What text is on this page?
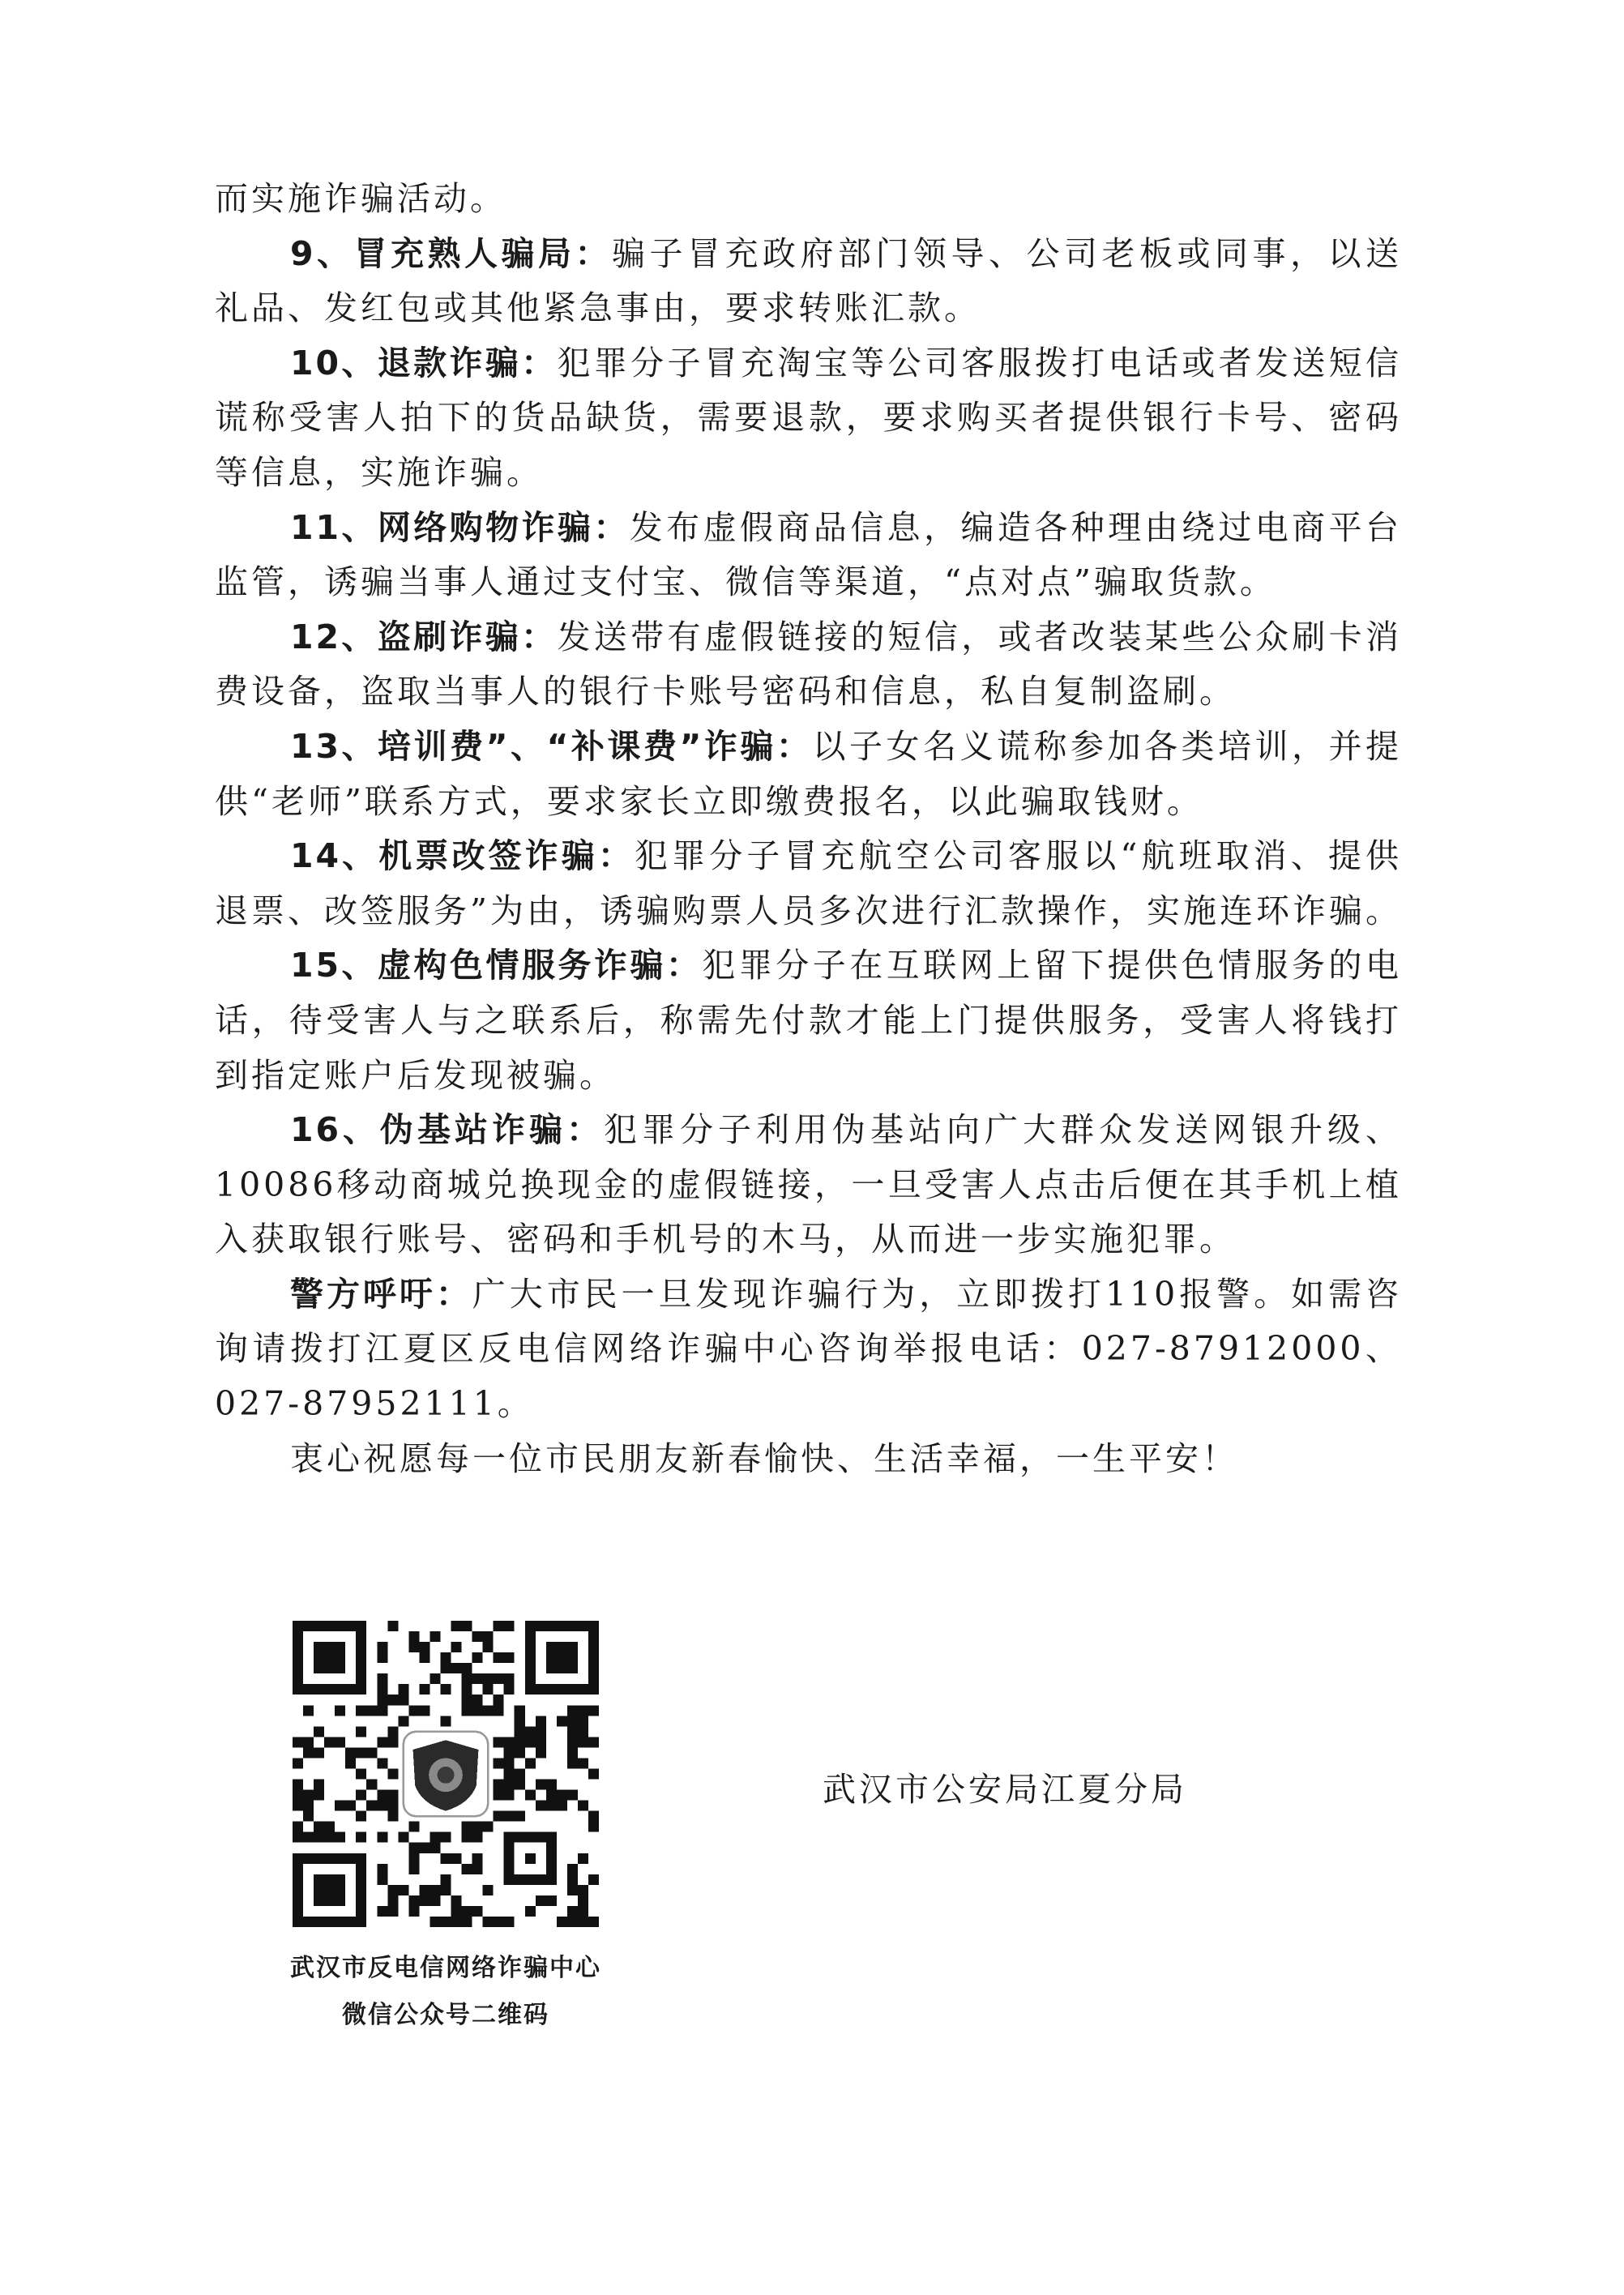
而实施诈骗活动。

9、冒充熟人骗局：骗子冒充政府部门领导、公司老板或同事，以送礼品、发红包或其他紧急事由，要求转账汇款。

10、退款诈骗：犯罪分子冒充淘宝等公司客服拨打电话或者发送短信谎称受害人拍下的货品缺货，需要退款，要求购买者提供银行卡号、密码等信息，实施诈骗。

11、网络购物诈骗：发布虚假商品信息，编造各种理由绕过电商平台监管，诱骗当事人通过支付宝、微信等渠道，“点对点”骗取货款。

12、盗刷诈骗：发送带有虚假链接的短信，或者改装某些公众刷卡消费设备，盗取当事人的银行卡账号密码和信息，私自复制盗刷。

13、培训费”、“补课费”诈骗：以子女名义谎称参加各类培训，并提供“老师”联系方式，要求家长立即缴费报名，以此骗取钱财。

14、机票改签诈骗：犯罪分子冒充航空公司客服以“航班取消、提供退票、改签服务”为由，诱骗购票人员多次进行汇款操作，实施连环诈骗。

15、虚构色情服务诈骗：犯罪分子在互联网上留下提供色情服务的电话，待受害人与之联系后，称需先付款才能上门提供服务，受害人将钱打到指定账户后发现被骗。

16、伪基站诈骗：犯罪分子利用伪基站向广大群众发送网银升级、10086移动商城兑换现金的虚假链接，一旦受害人点击后便在其手机上植入获取银行账号、密码和手机号的木马，从而进一步实施犯罪。

警方呼吁：广大市民一旦发现诈骗行为，立即拨打110报警。如需咨询请拨打江夏区反电信网络诈骗中心咨询举报电话：027-87912000、027-87952111。

衷心祝愿每一位市民朋友新春愉快、生活幸福，一生平安！

武汉市反电信网络诈骗中心
微信公众号二维码
武汉市公安局江夏分局
